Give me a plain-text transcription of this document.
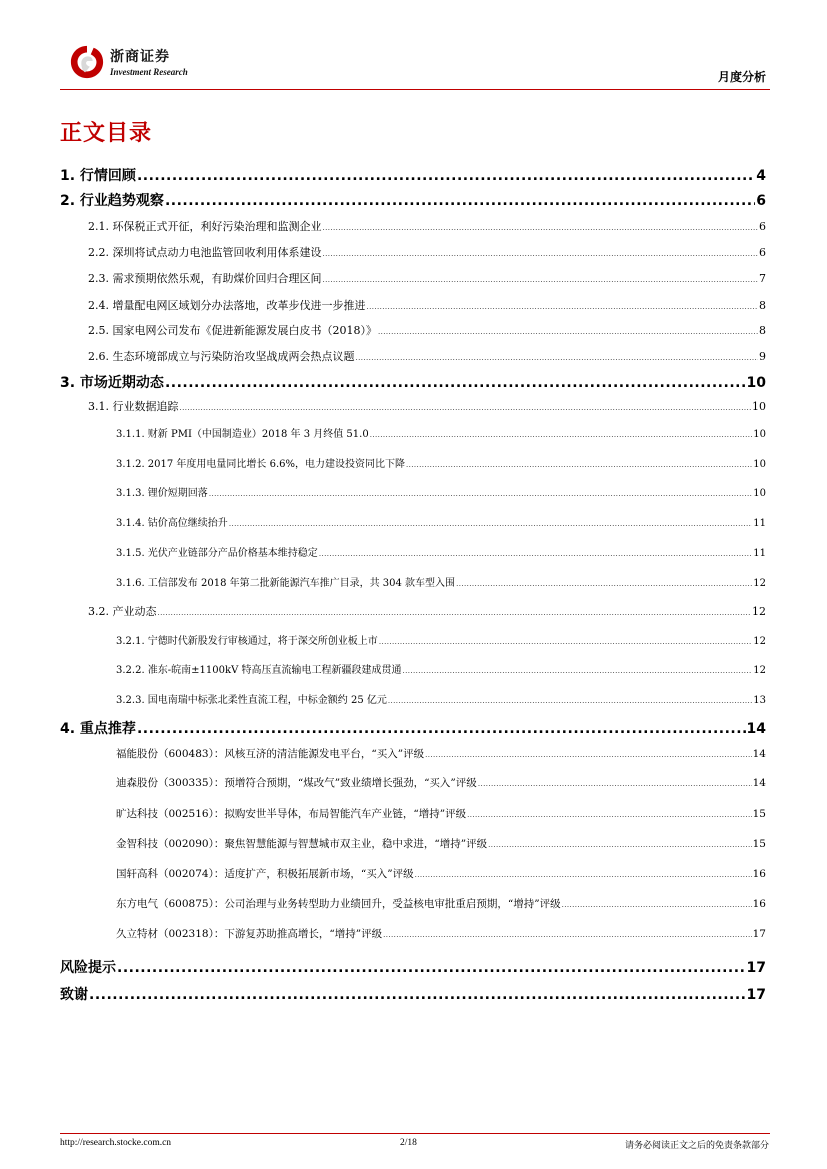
浙商证券
Investment Research	月度分析
正文目录
1. 行情回顾 .....	4
2. 行业趋势观察 .....	6
2.1. 环保税正式开征，利好污染治理和监测企业 .....	6
2.2. 深圳将试点动力电池监管回收利用体系建设 .....	6
2.3. 需求预期依然乐观，有助煤价回归合理区间 .....	7
2.4. 增量配电网区域划分办法落地，改革步伐进一步推进 .....	8
2.5. 国家电网公司发布《促进新能源发展白皮书（2018）》 .....	8
2.6. 生态环境部成立与污染防治攻坚战成两会热点议题 .....	9
3. 市场近期动态 .....	10
3.1. 行业数据追踪 .....	10
3.1.1. 财新 PMI（中国制造业）2018 年 3 月终值 51.0 .....	10
3.1.2. 2017 年度用电量同比增长 6.6%，电力建设投资同比下降 .....	10
3.1.3. 锂价短期回落 .....	10
3.1.4. 钴价高位继续抬升 .....	11
3.1.5. 光伏产业链部分产品价格基本维持稳定 .....	11
3.1.6. 工信部发布 2018 年第二批新能源汽车推广目录，共 304 款车型入围 .....	12
3.2. 产业动态 .....	12
3.2.1. 宁德时代新股发行审核通过，将于深交所创业板上市 .....	12
3.2.2. 准东-皖南±1100kV 特高压直流输电工程新疆段建成贯通 .....	12
3.2.3. 国电南瑞中标张北柔性直流工程，中标金额约 25 亿元 .....	13
4. 重点推荐 .....	14
福能股份（600483）：风核互济的清洁能源发电平台，“买入”评级 .....	14
迪森股份（300335）：预增符合预期，“煤改气”致业绩增长强劲，“买入”评级 .....	14
旷达科技（002516）：拟购安世半导体，布局智能汽车产业链，“增持”评级 .....	15
金智科技（002090）：聚焦智慧能源与智慧城市双主业，稳中求进，“增持”评级 .....	15
国轩高科（002074）：适度扩产，积极拓展新市场，“买入”评级 .....	16
东方电气（600875）：公司治理与业务转型助力业绩回升，受益核电审批重启预期，“增持”评级 .....	16
久立特材（002318）：下游复苏助推高增长，“增持”评级 .....	17
风险提示 .....	17
致谢 .....	17
http://research.stocke.com.cn	2/18	请务必阅读正文之后的免责条款部分
